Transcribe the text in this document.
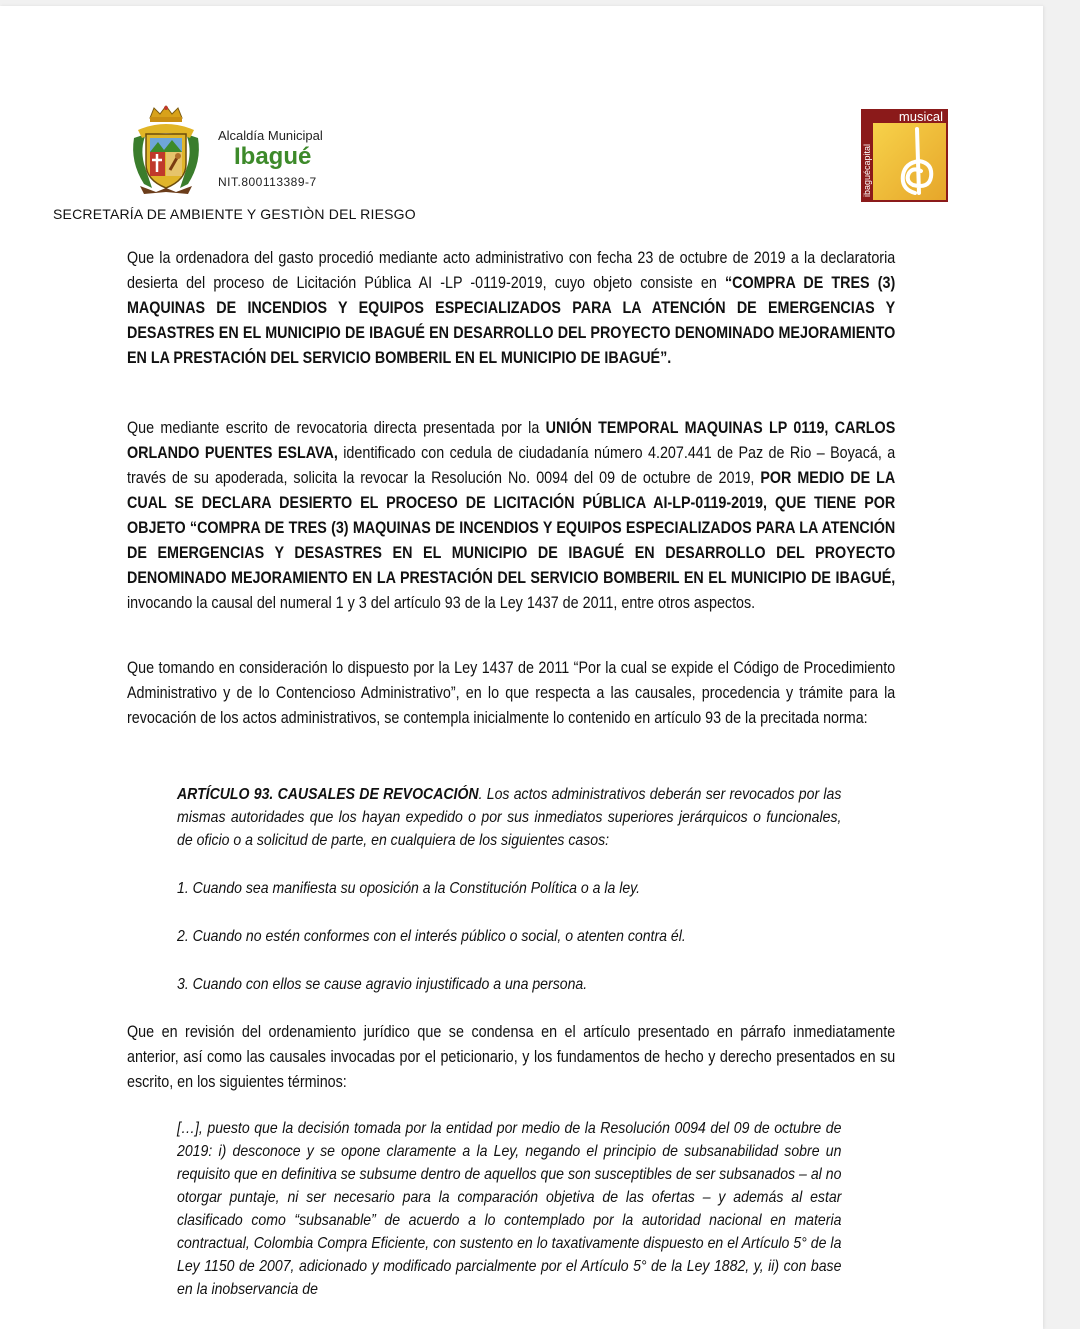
Alcaldía Municipal
Ibagué
NIT.800113389-7
SECRETARÍA DE AMBIENTE Y GESTIÒN DEL RIESGO
musical
ibaguécapital
Que la ordenadora del gasto procedió mediante acto administrativo con fecha 23 de octubre de 2019 a la declaratoria desierta del proceso de Licitación Pública AI -LP -0119-2019, cuyo objeto consiste en “COMPRA DE TRES (3) MAQUINAS DE INCENDIOS Y EQUIPOS ESPECIALIZADOS PARA LA ATENCIÓN DE EMERGENCIAS Y DESASTRES EN EL MUNICIPIO DE IBAGUÉ EN DESARROLLO DEL PROYECTO DENOMINADO MEJORAMIENTO EN LA PRESTACIÓN DEL SERVICIO BOMBERIL EN EL MUNICIPIO DE IBAGUÉ”.
Que mediante escrito de revocatoria directa presentada por la UNIÓN TEMPORAL MAQUINAS LP 0119, CARLOS ORLANDO PUENTES ESLAVA, identificado con cedula de ciudadanía número 4.207.441 de Paz de Rio – Boyacá, a través de su apoderada, solicita la revocar la Resolución No. 0094 del 09 de octubre de 2019, POR MEDIO DE LA CUAL SE DECLARA DESIERTO EL PROCESO DE LICITACIÓN PÚBLICA AI-LP-0119-2019, QUE TIENE POR OBJETO “COMPRA DE TRES (3) MAQUINAS DE INCENDIOS Y EQUIPOS ESPECIALIZADOS PARA LA ATENCIÓN DE EMERGENCIAS Y DESASTRES EN EL MUNICIPIO DE IBAGUÉ EN DESARROLLO DEL PROYECTO DENOMINADO MEJORAMIENTO EN LA PRESTACIÓN DEL SERVICIO BOMBERIL EN EL MUNICIPIO DE IBAGUÉ, invocando la causal del numeral 1 y 3 del artículo 93 de la Ley 1437 de 2011, entre otros aspectos.
Que tomando en consideración lo dispuesto por la Ley 1437 de 2011 “Por la cual se expide el Código de Procedimiento Administrativo y de lo Contencioso Administrativo”, en lo que respecta a las causales, procedencia y trámite para la revocación de los actos administrativos, se contempla inicialmente lo contenido en artículo 93 de la precitada norma:
ARTÍCULO 93. CAUSALES DE REVOCACIÓN. Los actos administrativos deberán ser revocados por las mismas autoridades que los hayan expedido o por sus inmediatos superiores jerárquicos o funcionales, de oficio o a solicitud de parte, en cualquiera de los siguientes casos:
1. Cuando sea manifiesta su oposición a la Constitución Política o a la ley.
2. Cuando no estén conformes con el interés público o social, o atenten contra él.
3. Cuando con ellos se cause agravio injustificado a una persona.
Que en revisión del ordenamiento jurídico que se condensa en el artículo presentado en párrafo inmediatamente anterior, así como las causales invocadas por el peticionario, y los fundamentos de hecho y derecho presentados en su escrito, en los siguientes términos:
[…], puesto que la decisión tomada por la entidad por medio de la Resolución 0094 del 09 de octubre de 2019: i) desconoce y se opone claramente a la Ley, negando el principio de subsanabilidad sobre un requisito que en definitiva se subsume dentro de aquellos que son susceptibles de ser subsanados – al no otorgar puntaje, ni ser necesario para la comparación objetiva de las ofertas – y además al estar clasificado como “subsanable” de acuerdo a lo contemplado por la autoridad nacional en materia contractual, Colombia Compra Eficiente, con sustento en lo taxativamente dispuesto en el Artículo 5° de la Ley 1150 de 2007, adicionado y modificado parcialmente por el Artículo 5° de la Ley 1882, y, ii) con base en la inobservancia de
